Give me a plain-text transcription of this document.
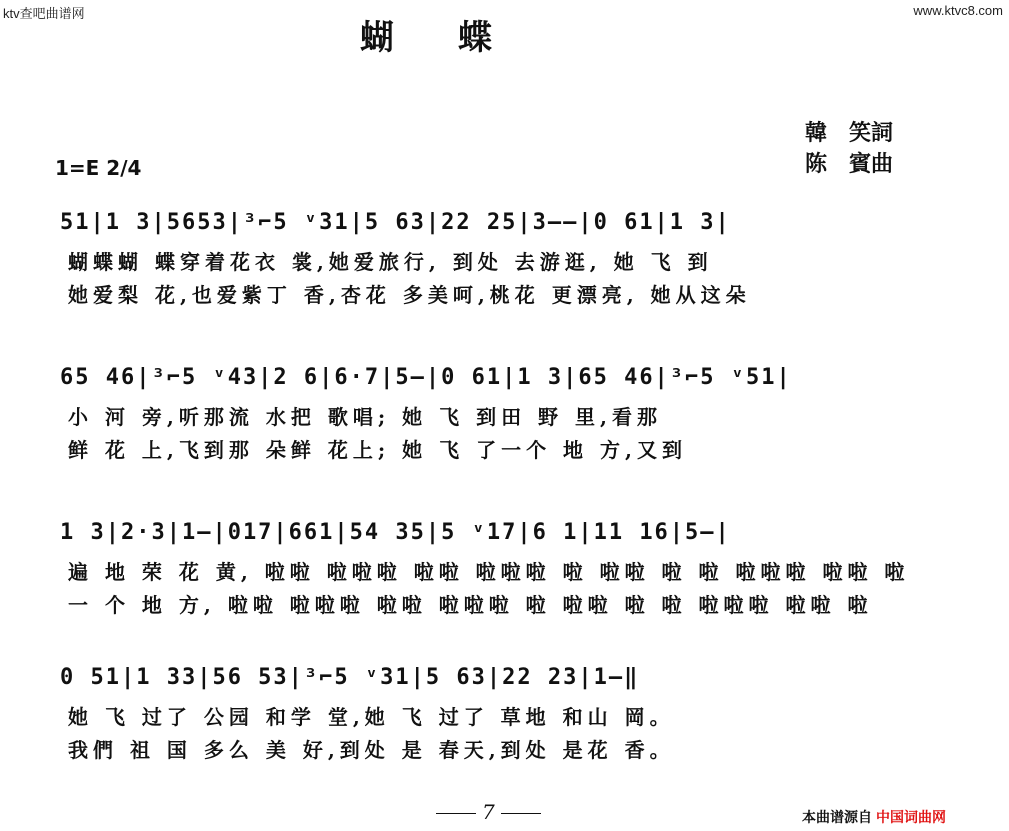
ktv查吧曲谱网	www.ktvc8.com
蝴 蝶
韓　笑詞
陈　賓曲
1=E 2/4
51|1 3|5653|³⌐5 ᵛ31|5 63|22 25|3——|0 61|1 3|
蝴蝶蝴 蝶穿着花衣 裳,她爱旅行, 到处 去游逛, 她 飞 到
她爱梨 花,也爱紫丁 香,杏花 多美呵,桃花 更漂亮, 她从这朵
65 46|³⌐5 ᵛ43|2 6|6·7|5—|0 61|1 3|65 46|³⌐5 ᵛ51|
小 河 旁,听那流 水把 歌唱; 她 飞 到田 野 里,看那
鲜 花 上,飞到那 朵鲜 花上; 她 飞 了一个 地 方,又到
1 3|2·3|1—|017|661|54 35|5 ᵛ17|6 1|11 16|5—|
遍 地 荣 花 黄, 啦啦 啦啦啦 啦啦 啦啦啦 啦 啦啦 啦 啦 啦啦啦 啦啦 啦
一 个 地 方, 啦啦 啦啦啦 啦啦 啦啦啦 啦 啦啦 啦 啦 啦啦啦 啦啦 啦
0 51|1 33|56 53|³⌐5 ᵛ31|5 63|22 23|1—‖
她 飞 过了 公园 和学 堂,她 飞 过了 草地 和山 岡。
我們 祖 国 多么 美 好,到处 是 春天,到处 是花 香。
7	本曲谱源自 中国词曲网
